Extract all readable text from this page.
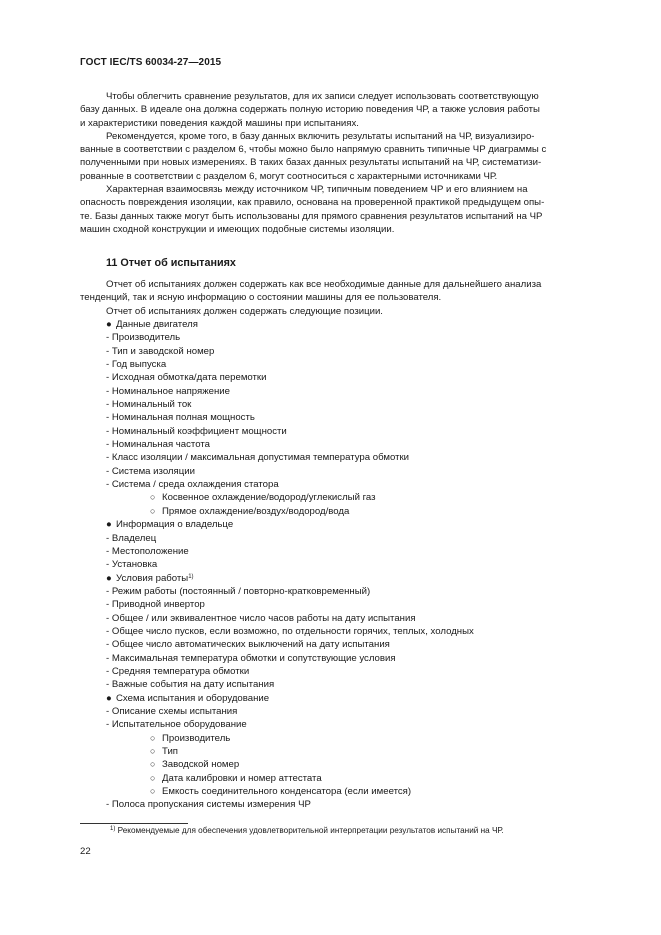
ГОСТ IEC/TS 60034-27—2015
Чтобы облегчить сравнение результатов, для их записи следует использовать соответствующую
базу данных. В идеале она должна содержать полную историю поведения ЧР, а также условия работы
и характеристики поведения каждой машины при испытаниях.
Рекомендуется, кроме того, в базу данных включить результаты испытаний на ЧР, визуализиро-
ванные в соответствии с разделом 6, чтобы можно было напрямую сравнить типичные ЧР диаграммы с
полученными при новых измерениях. В таких базах данных результаты испытаний на ЧР, систематизи-
рованные в соответствии с разделом 6, могут соотноситься с характерными источниками ЧР.
Характерная взаимосвязь между источником ЧР, типичным поведением ЧР и его влиянием на
опасность повреждения изоляции, как правило, основана на проверенной практикой предыдущем опы-
те. Базы данных также могут быть использованы для прямого сравнения результатов испытаний на ЧР
машин сходной конструкции и имеющих подобные системы изоляции.
11 Отчет об испытаниях
Отчет об испытаниях должен содержать как все необходимые данные для дальнейшего анализа
тенденций, так и ясную информацию о состоянии машины для ее пользователя.
Отчет об испытаниях должен содержать следующие позиции.
● Данные двигателя
- Производитель
- Тип и заводской номер
- Год выпуска
- Исходная обмотка/дата перемотки
- Номинальное напряжение
- Номинальный ток
- Номинальная полная мощность
- Номинальный коэффициент мощности
- Номинальная частота
- Класс изоляции / максимальная допустимая температура обмотки
- Система изоляции
- Система / среда охлаждения статора
○ Косвенное охлаждение/водород/углекислый газ
○ Прямое охлаждение/воздух/водород/вода
● Информация о владельце
- Владелец
- Местоположение
- Установка
● Условия работы$^{1)}$
- Режим работы (постоянный / повторно-кратковременный)
- Приводной инвертор
- Общее / или эквивалентное число часов работы на дату испытания
- Общее число пусков, если возможно, по отдельности горячих, теплых, холодных
- Общее число автоматических выключений на дату испытания
- Максимальная температура обмотки и сопутствующие условия
- Средняя температура обмотки
- Важные события на дату испытания
● Схема испытания и оборудование
- Описание схемы испытания
- Испытательное оборудование
○ Производитель
○ Тип
○ Заводской номер
○ Дата калибровки и номер аттестата
○ Емкость соединительного конденсатора (если имеется)
- Полоса пропускания системы измерения ЧР
$^{1)}$ Рекомендуемые для обеспечения удовлетворительной интерпретации результатов испытаний на ЧР.
22
